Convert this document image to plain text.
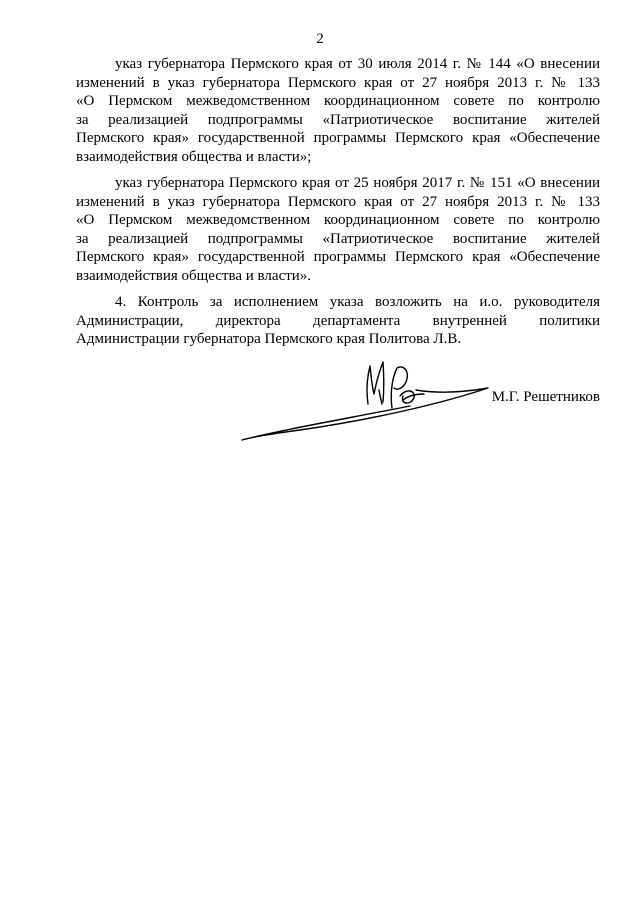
2
указ губернатора Пермского края от 30 июля 2014 г. № 144 «О внесении
изменений в указ губернатора Пермского края от 27 ноября 2013 г. № 133
«О Пермском межведомственном координационном совете по контролю
за реализацией подпрограммы «Патриотическое воспитание жителей
Пермского края» государственной программы Пермского края «Обеспечение
взаимодействия общества и власти»;
указ губернатора Пермского края от 25 ноября 2017 г. № 151 «О внесении
изменений в указ губернатора Пермского края от 27 ноября 2013 г. № 133
«О Пермском межведомственном координационном совете по контролю
за реализацией подпрограммы «Патриотическое воспитание жителей
Пермского края» государственной программы Пермского края «Обеспечение
взаимодействия общества и власти».
4. Контроль за исполнением указа возложить на и.о. руководителя
Администрации, директора департамента внутренней политики
Администрации губернатора Пермского края Политова Л.В.
М.Г. Решетников
